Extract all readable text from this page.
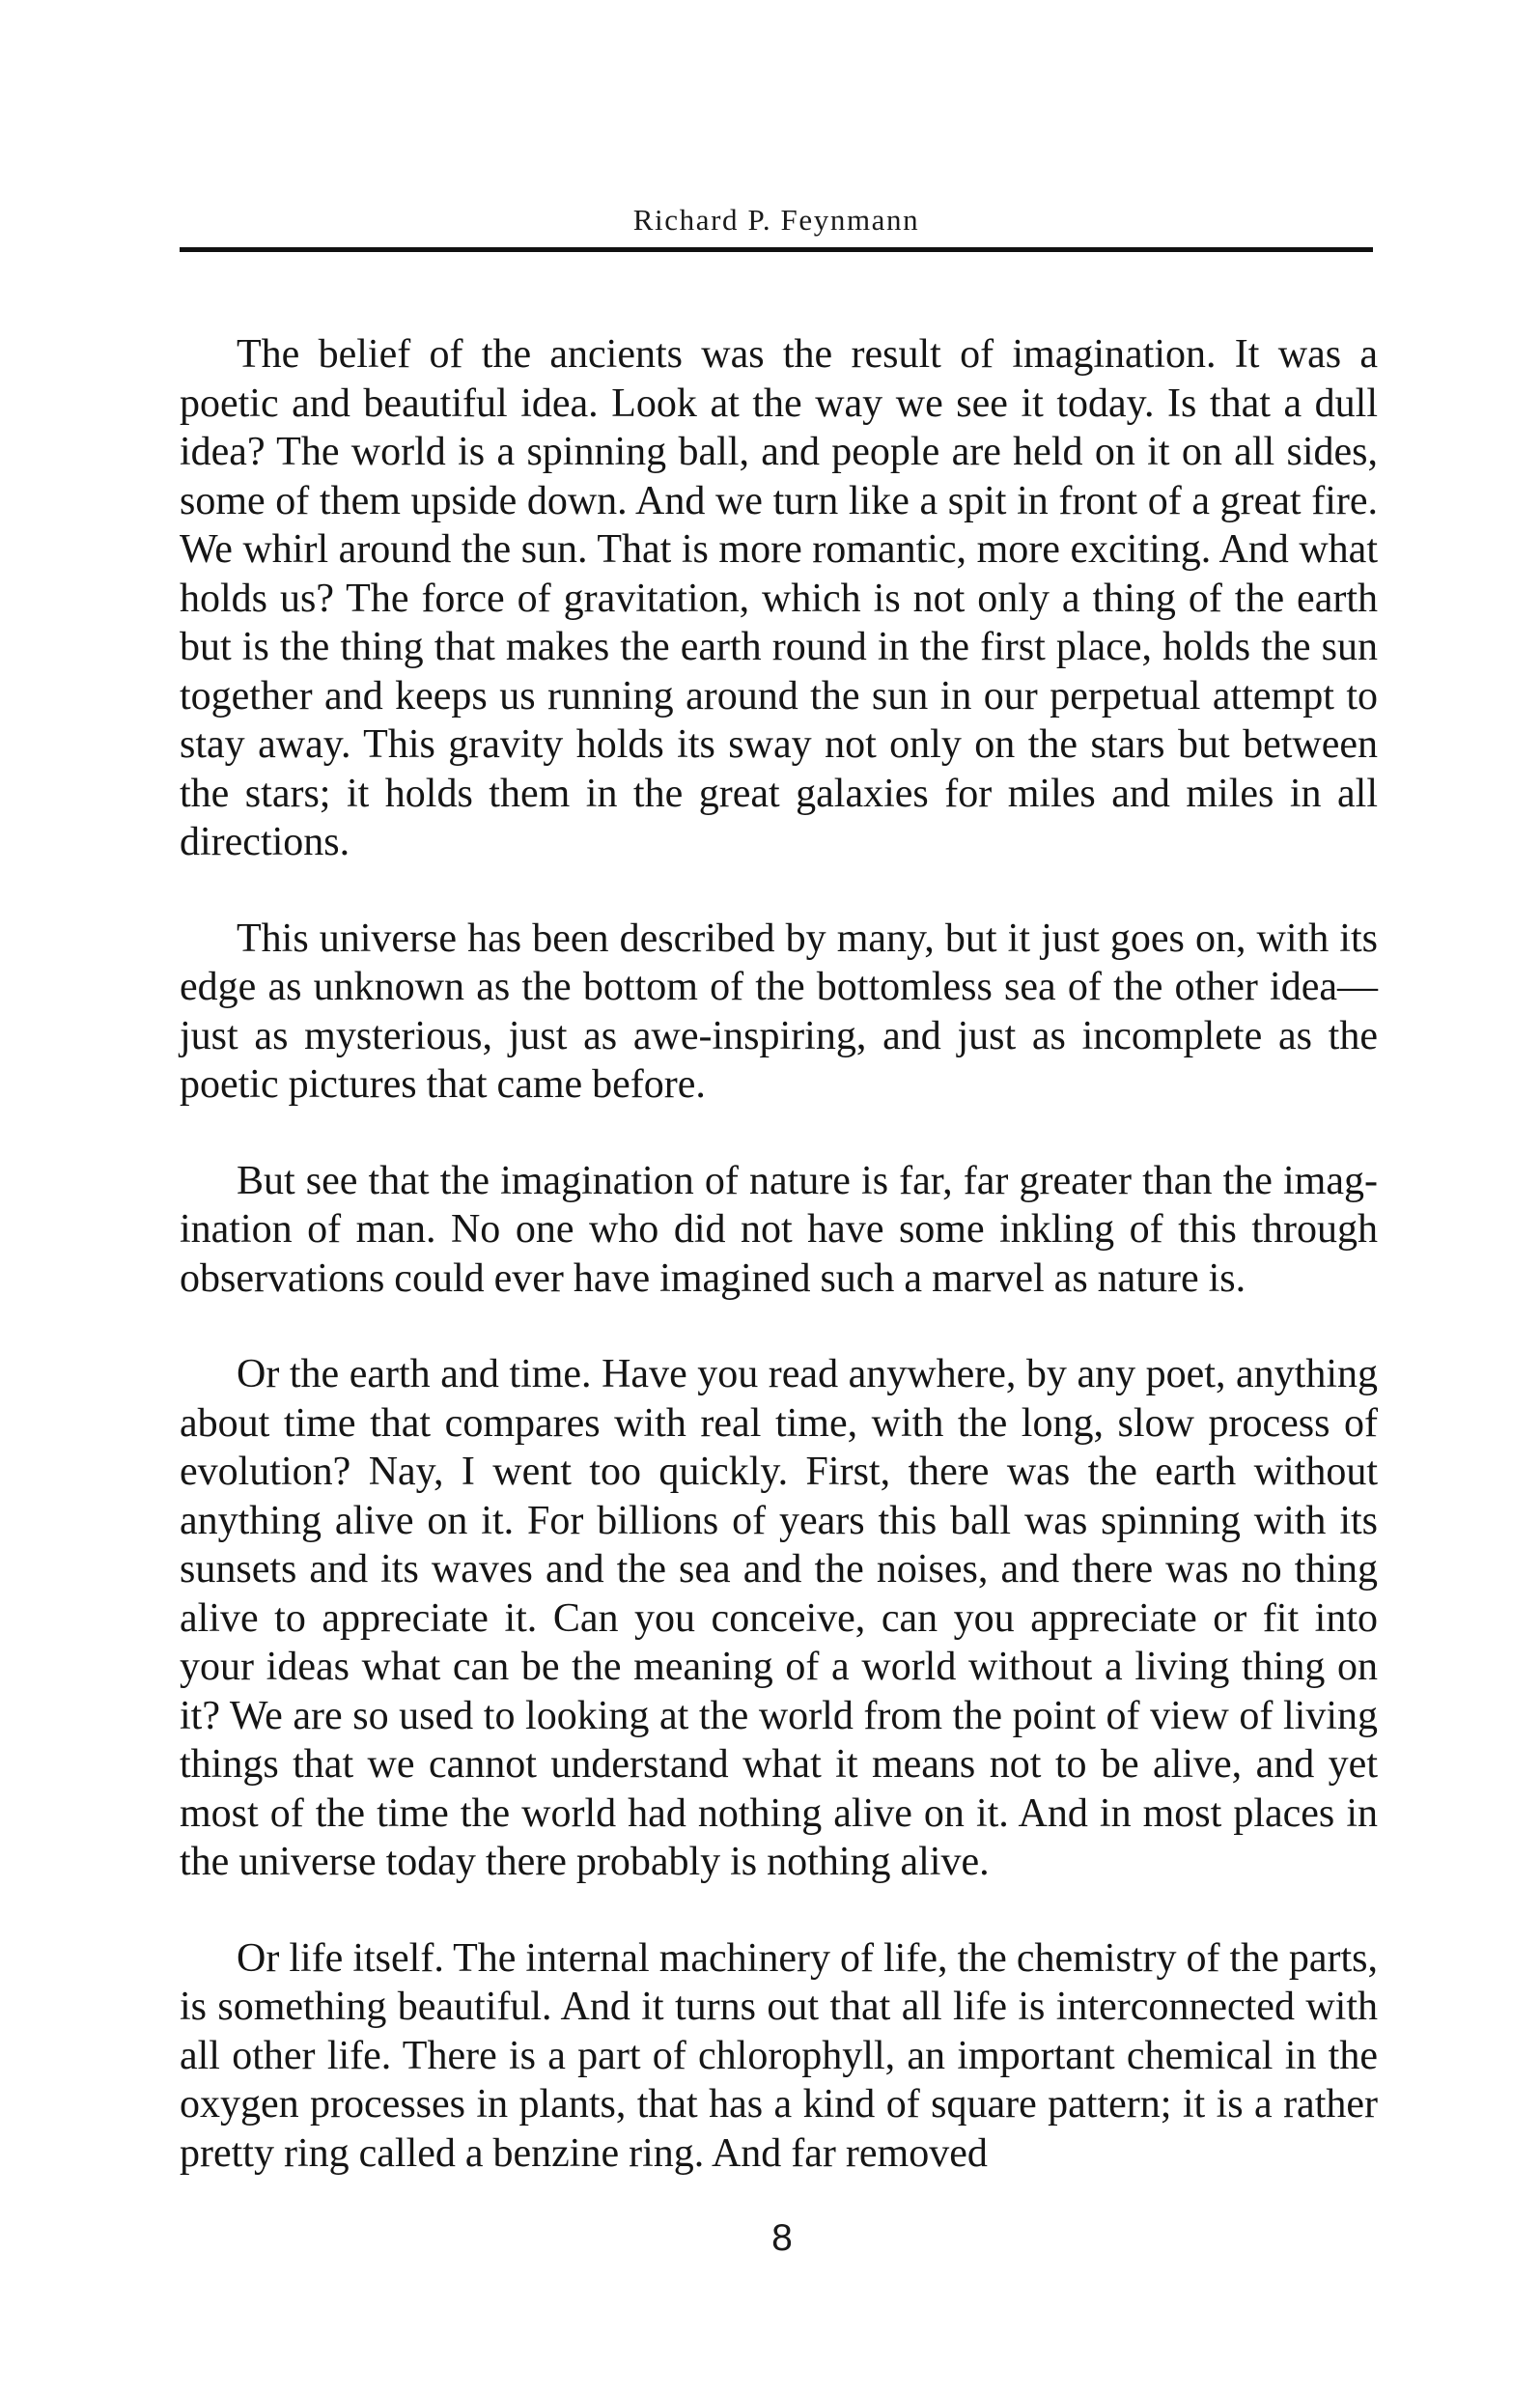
Richard P. Feynmann

The belief of the ancients was the result of imagination. It was a poetic and beautiful idea. Look at the way we see it today. Is that a dull idea? The world is a spinning ball, and people are held on it on all sides, some of them upside down. And we turn like a spit in front of a great fire. We whirl around the sun. That is more romantic, more exciting. And what holds us? The force of gravitation, which is not only a thing of the earth but is the thing that makes the earth round in the first place, holds the sun together and keeps us running around the sun in our perpetual attempt to stay away. This gravity holds its sway not only on the stars but between the stars; it holds them in the great galaxies for miles and miles in all directions.

This universe has been described by many, but it just goes on, with its edge as unknown as the bottom of the bottomless sea of the other idea—just as mysterious, just as awe-inspiring, and just as incomplete as the poetic pictures that came before.

But see that the imagination of nature is far, far greater than the imagination of man. No one who did not have some inkling of this through observations could ever have imagined such a marvel as nature is.

Or the earth and time. Have you read anywhere, by any poet, anything about time that compares with real time, with the long, slow process of evolution? Nay, I went too quickly. First, there was the earth without anything alive on it. For billions of years this ball was spinning with its sunsets and its waves and the sea and the noises, and there was no thing alive to appreciate it. Can you conceive, can you appreciate or fit into your ideas what can be the meaning of a world without a living thing on it? We are so used to looking at the world from the point of view of living things that we cannot understand what it means not to be alive, and yet most of the time the world had nothing alive on it. And in most places in the universe today there probably is nothing alive.

Or life itself. The internal machinery of life, the chemistry of the parts, is something beautiful. And it turns out that all life is interconnected with all other life. There is a part of chlorophyll, an important chemical in the oxygen processes in plants, that has a kind of square pattern; it is a rather pretty ring called a benzine ring. And far removed

8
